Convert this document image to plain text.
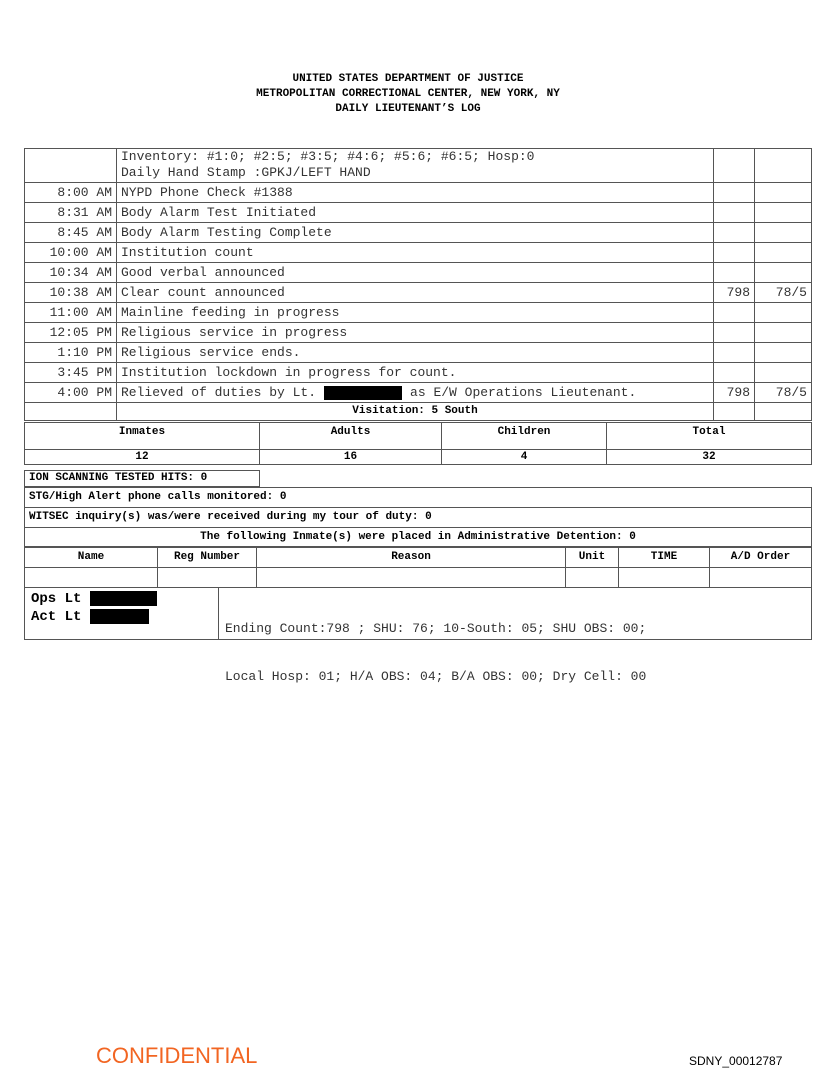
UNITED STATES DEPARTMENT OF JUSTICE
METROPOLITAN CORRECTIONAL CENTER, NEW YORK, NY
DAILY LIEUTENANT’S LOG

	Inventory: #1:0; #2:5; #3:5; #4:6; #5:6; #6:5; Hosp:0
Daily Hand Stamp :GPKJ/LEFT HAND		

8:00 AM	NYPD Phone Check #1388		
8:31 AM	Body Alarm Test Initiated		
8:45 AM	Body Alarm Testing Complete		
10:00 AM	Institution count		
10:34 AM	Good verbal announced		
10:38 AM	Clear count announced	798	78/5
11:00 AM	Mainline feeding in progress		
12:05 PM	Religious service in progress		
1:10 PM	Religious service ends.		
3:45 PM	Institution lockdown in progress for count.		
4:00 PM	Relieved of duties by Lt. as E/W Operations Lieutenant.	798	78/5
	Visitation: 5 South		
Inmates	Adults	Children	Total
12	16	4	32
ION SCANNING TESTED HITS: 0
STG/High Alert phone calls monitored: 0
WITSEC inquiry(s) was/were received during my tour of duty: 0
The following Inmate(s) were placed in Administrative Detention: 0
Name	Reg Number	Reason	Unit	TIME	A/D Order

Ops Lt
Act Lt

Ending Count:798 ; SHU: 76; 10-South: 05; SHU OBS: 00;

Local Hosp: 01; H/A OBS: 04; B/A OBS: 00; Dry Cell: 00

CONFIDENTIAL	SDNY_00012787
